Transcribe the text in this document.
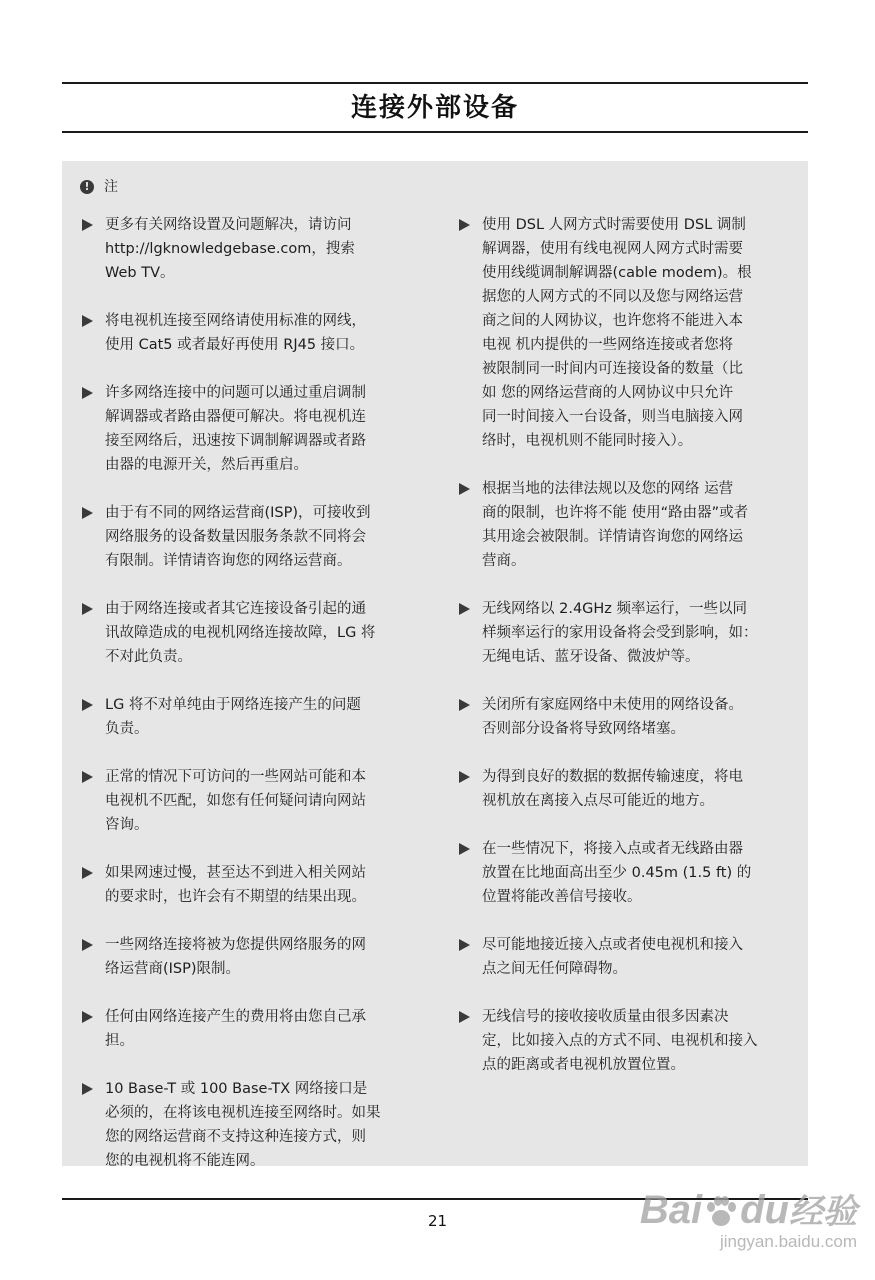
连接外部设备
!	注

更多有关网络设置及问题解决，请访问

http://lgknowledgebase.com，搜索

Web TV。

将电视机连接至网络请使用标准的网线，

使用 Cat5 或者最好再使用 RJ45 接口。

许多网络连接中的问题可以通过重启调制

解调器或者路由器便可解决。将电视机连

接至网络后，迅速按下调制解调器或者路

由器的电源开关，然后再重启。

由于有不同的网络运营商(ISP)，可接收到

网络服务的设备数量因服务条款不同将会

有限制。详情请咨询您的网络运营商。

由于网络连接或者其它连接设备引起的通

讯故障造成的电视机网络连接故障，LG 将

不对此负责。

LG 将不对单纯由于网络连接产生的问题

负责。

正常的情况下可访问的一些网站可能和本

电视机不匹配，如您有任何疑问请向网站

咨询。

如果网速过慢，甚至达不到进入相关网站

的要求时，也许会有不期望的结果出现。

一些网络连接将被为您提供网络服务的网

络运营商(ISP)限制。

任何由网络连接产生的费用将由您自己承

担。

10 Base-T 或 100 Base-TX 网络接口是

必须的，在将该电视机连接至网络时。如果

您的网络运营商不支持这种连接方式，则

您的电视机将不能连网。

使用 DSL 人网方式时需要使用 DSL 调制

解调器，使用有线电视网人网方式时需要

使用线缆调制解调器(cable modem)。根

据您的人网方式的不同以及您与网络运营

商之间的人网协议，也许您将不能进入本

电视 机内提供的一些网络连接或者您将

被限制同一时间内可连接设备的数量（比

如 您的网络运营商的人网协议中只允许

同一时间接入一台设备，则当电脑接入网

络时，电视机则不能同时接入）。

根据当地的法律法规以及您的网络 运营

商的限制，也许将不能 使用“路由器”或者

其用途会被限制。详情请咨询您的网络运

营商。

无线网络以 2.4GHz 频率运行，一些以同

样频率运行的家用设备将会受到影响，如：

无绳电话、蓝牙设备、微波炉等。

关闭所有家庭网络中未使用的网络设备。

否则部分设备将导致网络堵塞。

为得到良好的数据的数据传输速度，将电

视机放在离接入点尽可能近的地方。

在一些情况下，将接入点或者无线路由器

放置在比地面高出至少 0.45m (1.5 ft) 的

位置将能改善信号接收。

尽可能地接近接入点或者使电视机和接入

点之间无任何障碍物。

无线信号的接收接收质量由很多因素决

定，比如接入点的方式不同、电视机和接入

点的距离或者电视机放置位置。

21	Bai du经验
jingyan.baidu.com
